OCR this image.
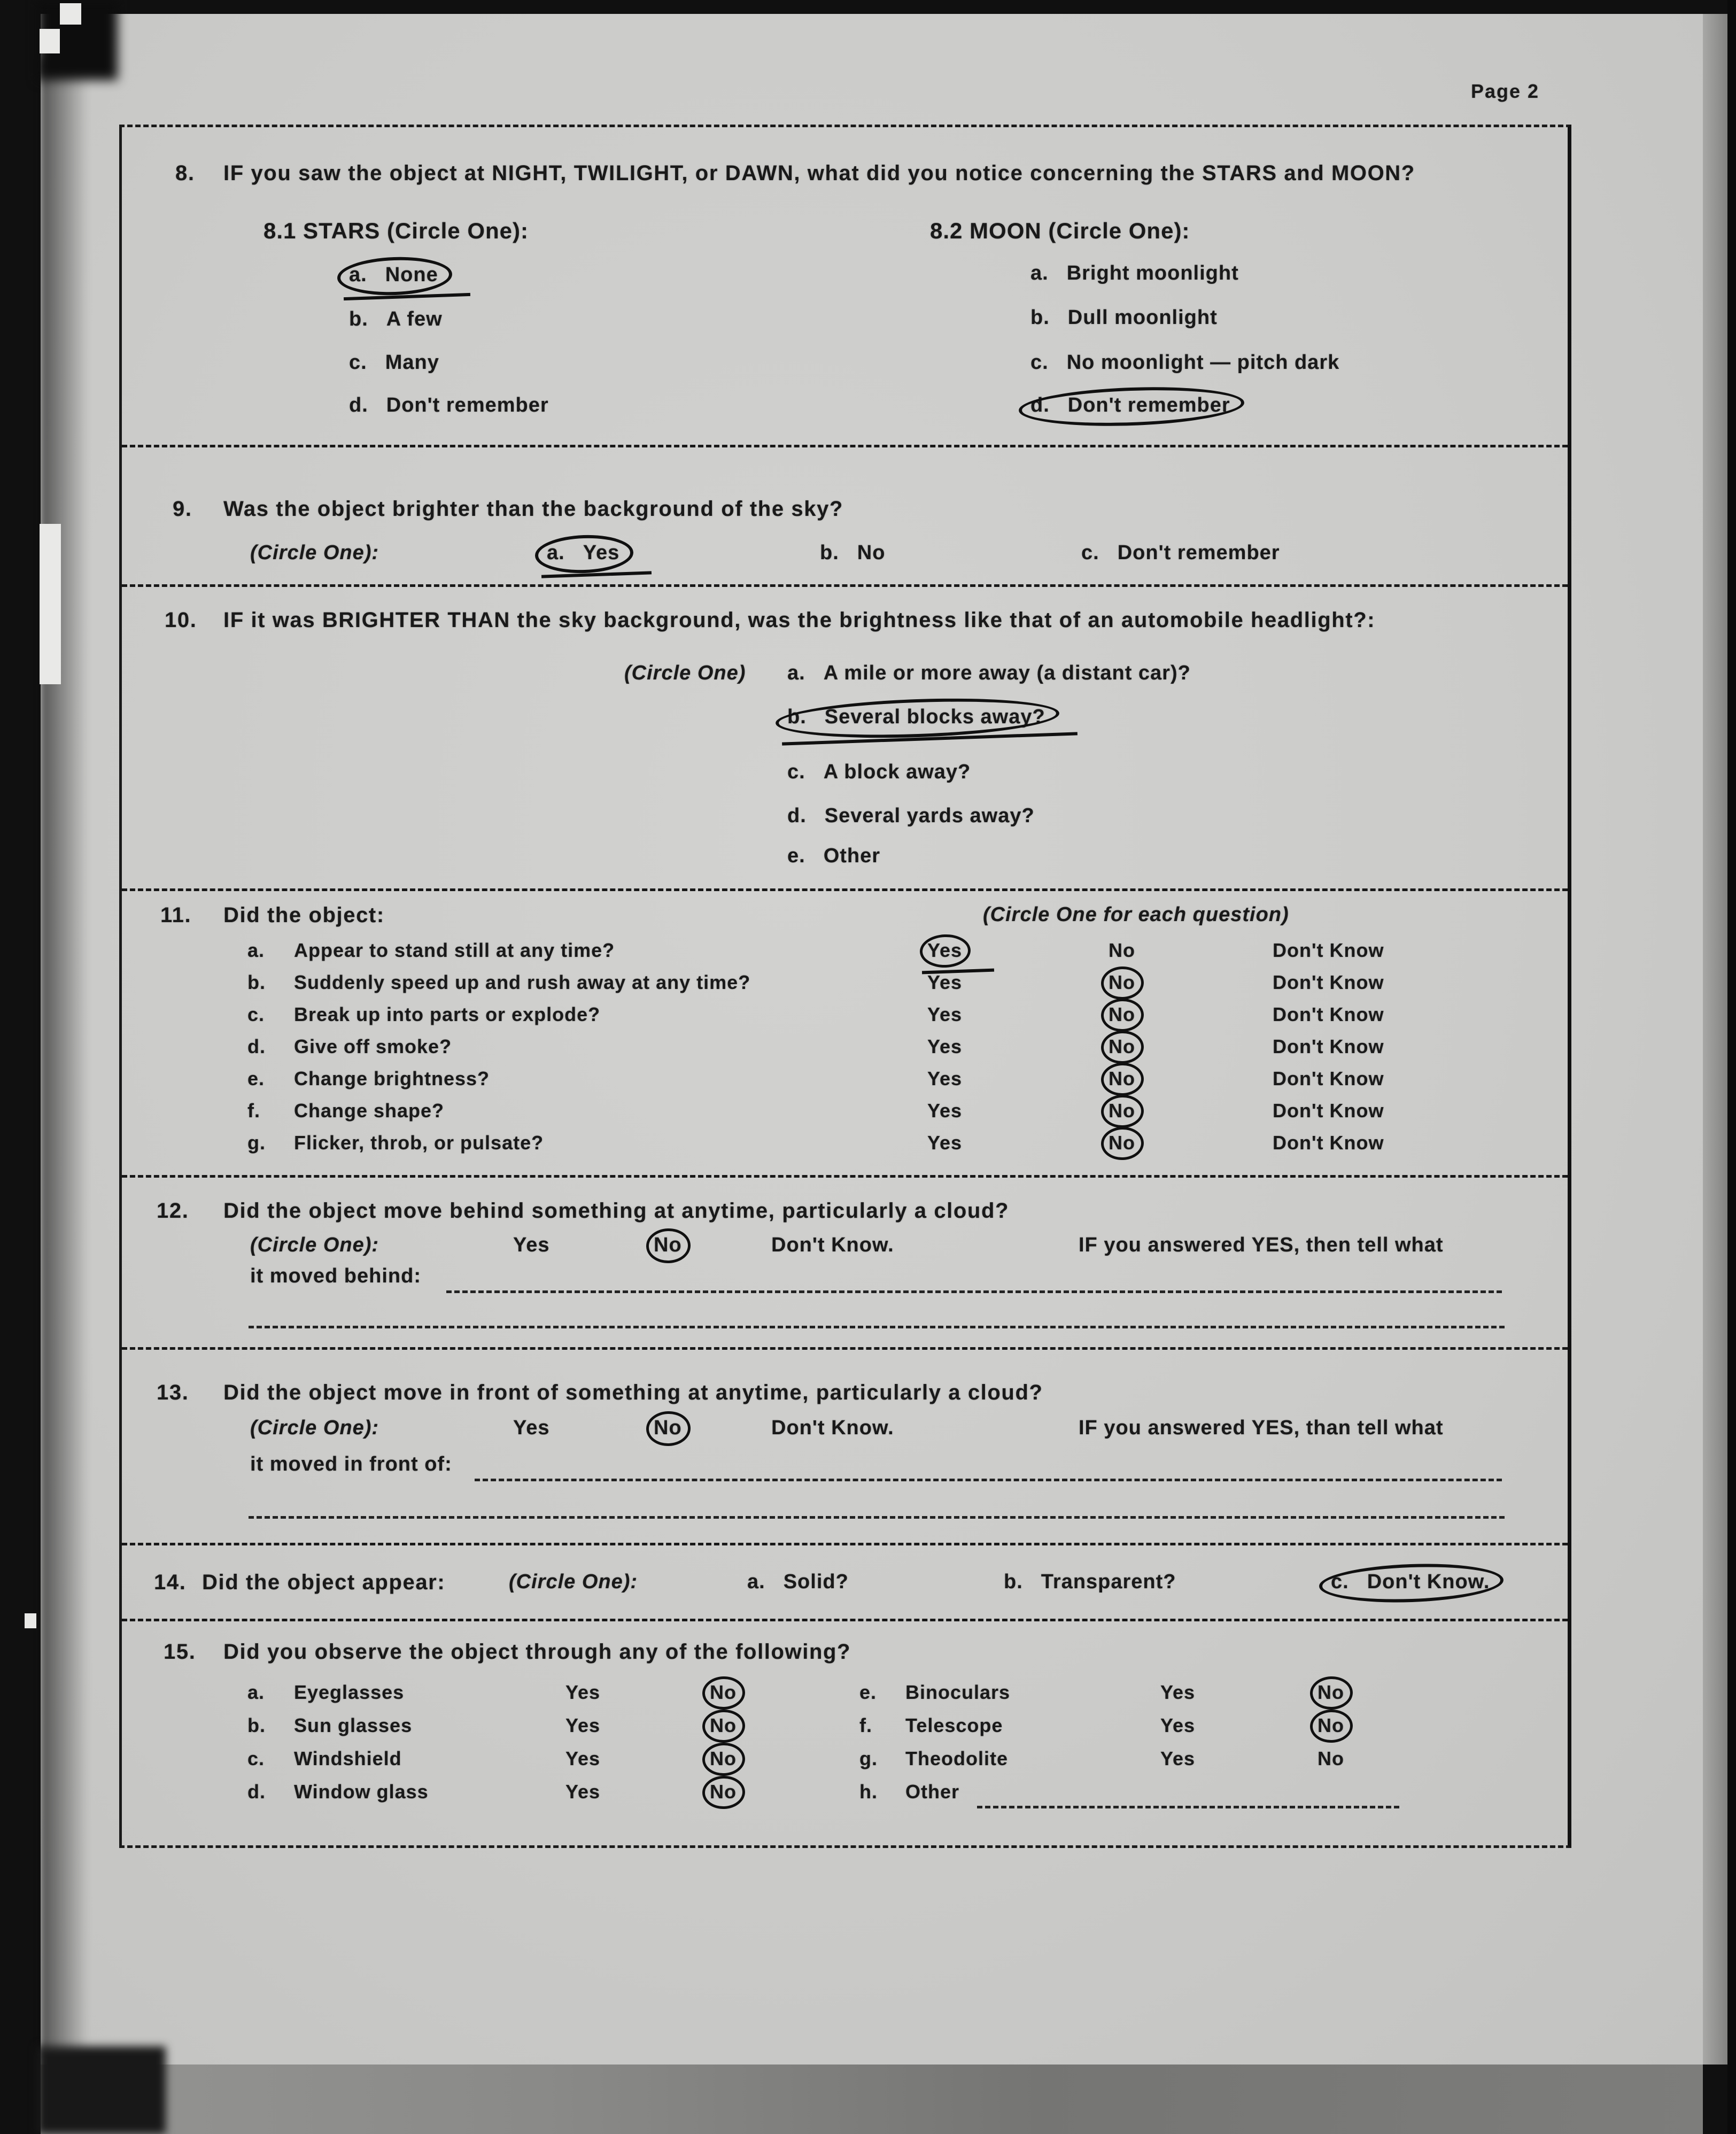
Page 2
8. IF you saw the object at NIGHT, TWILIGHT, or DAWN, what did you notice concerning the STARS and MOON?
8.1 STARS (Circle One):	8.2 MOON (Circle One):
a. None
b. A few
c. Many
d. Don't remember
a. Bright moonlight
b. Dull moonlight
c. No moonlight — pitch dark
d. Don't remember
9. Was the object brighter than the background of the sky?
(Circle One):	a. Yes	b. No	c. Don't remember
10. IF it was BRIGHTER THAN the sky background, was the brightness like that of an automobile headlight?:
(Circle One) a. A mile or more away (a distant car)?
b. Several blocks away?
c. A block away?
d. Several yards away?
e. Other
11. Did the object:	(Circle One for each question)
a. Appear to stand still at any time?	Yes	No	Don't Know
b. Suddenly speed up and rush away at any time?	Yes	No	Don't Know
c. Break up into parts or explode?	Yes	No	Don't Know
d. Give off smoke?	Yes	No	Don't Know
e. Change brightness?	Yes	No	Don't Know
f. Change shape?	Yes	No	Don't Know
g. Flicker, throb, or pulsate?	Yes	No	Don't Know
12. Did the object move behind something at anytime, particularly a cloud?
(Circle One):	Yes	No	Don't Know.	IF you answered YES, then tell what
it moved behind:
13. Did the object move in front of something at anytime, particularly a cloud?
(Circle One):	Yes	No	Don't Know.	IF you answered YES, than tell what
it moved in front of:
14. Did the object appear:	(Circle One):	a. Solid?	b. Transparent?	c. Don't Know.
15. Did you observe the object through any of the following?
a. Eyeglasses	Yes	No
b. Sun glasses	Yes	No
c. Windshield	Yes	No
d. Window glass	Yes	No
e. Binoculars	Yes	No
f. Telescope	Yes	No
g. Theodolite	Yes	No
h. Other
